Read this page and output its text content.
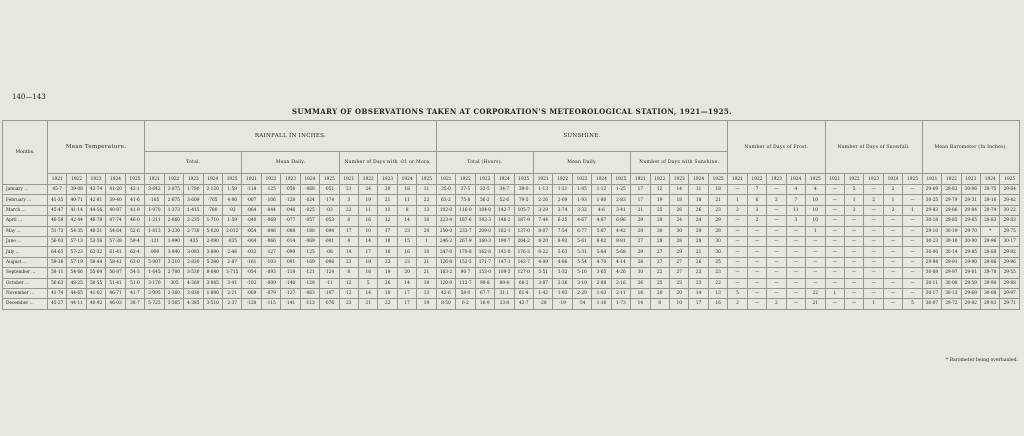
140—143
SUMMARY OF OBSERVATIONS TAKEN AT CORPORATION'S METEOROLOGICAL STATION, 1921—1925.
Months.	Mean Temperature.					RAINFALL IN INCHES.															SUNSHINE.															Number of Days of Frost.					Number of Days of Snowfall.					Mean Barometer (In Inches).				
						Total.					Mean Daily.					Number of Days with ·01 or More.					Total (Hours).					Mean Daily.					Number of Days with Sunshine.																			
	1921	1922	1923	1924	1925	1921	1922	1923	1924	1925	1921	1922	1923	1924	1925	1921	1922	1923	1924	1925	1921	1922	1923	1924	1925	1921	1922	1923	1924	1925	1921	1922	1923	1924	1925	1921	1922	1923	1924	1925	1921	1922	1923	1924	1925	1921	1922	1923	1924	1925
January ...	45·7	39·08	43·74	41·20	43·1	3·642	3·875	1·780	2·120	1·59	·118	·125	·058	·068	·051	21	24	20	18	11	35·0	37·5	32·5	34·7	39·0	1·13	1·21	1·05	1·12	1·25	17	12	14	11	18	—	7	—	4	4	—	5	—	2	—	29·69	29·82	30·06	29·75	29·64
February ...	41·35	40·71	42·81	39·40	41·6	·185	2·675	3·609	·765	4·86	·007	·106	·128	·024	·174	3	19	21	11	22	63·2	75·8	56·2	52·6	79·5	2·26	2·69	1·93	1·80	2·83	17	19	18	18	21	1	6	2	7	10	—	1	2	1	—	30·25	29·79	29·31	29·16	29·42
March ...	45·47	41·14	44·56	40·87	41·9	1·970	1·373	1·415	·780	·92	·064	·044	·046	·025	·03	22	11	13	8	13	102·0	116·0	104·0	142·7	105·7	3·29	3·74	3·32	4·6	3·41	21	25	26	26	23	2	3	—	11	10	—	2	—	2	1	29·83	29·86	29·84	29·74	30·22
April ...	46·59	42·44	46·78	47·74	46·0	1·211	2·060	2·235	1·710	1·59	·040	·069	·077	·057	·053	8	16	12	14	16	223·4	187·6	143·3	146·2	187·9	7·44	6·25	4·67	4·87	6·96	29	28	24	24	29	—	2	—	3	10	—	—	—	—	—	30·18	29·85	29·65	29·83	29·83
May ...	51·73	54·35	48·21	54·64	52·6	1·813	3·230	2·730	5·020	2·012	·054	·046	·088	·188	·094	17	10	17	23	20	250·0	233·7	209·0	162·1	137·0	8·07	7·54	6·77	5·87	4·42	29	30	30	29	28	—	—	—	—	1	—	—	—	—	—	29·10	30·19	29·70	*	29·75
June ...	56·03	57·13	53·56	57·38	59·4	·121	1·990	·435	2·090	·035	·004	·066	·014	·069	·001	4	14	10	15	1	246·2	267·9	160·3	190·7	264·2	8·20	8·93	5·61	6·02	8·81	27	28	28	28	30	—	—	—	—	—	—	—	—	—	—	30·23	30·10	30·00	29·96	30·17
July ...	64·65	57·23	62·32	61·41	62·4	·990	3·940	3·083	3·890	2·48	·032	·127	·099	·125	·08	14	17	16	16	10	247·0	170·8	162·8	141·0	176·3	8·22	5·63	5·31	5·84	5·68	29	27	29	21	30	—	—	—	—	—	—	—	—	—	—	30·00	30·14	29·85	29·88	29·92
August ...	59·36	57·19	59·44	58·41	63·0	5·007	3·210	2·830	5·280	2·87	·161	·103	·091	·169	·096	23	19	23	23	21	126·8	152·5	171·7	147·1	143·7	4·09	4·86	5·54	4·70	4·14	28	27	27	26	25	—	—	—	—	—	—	—	—	—	—	29·94	29·91	29·90	29·86	29·96
September ...	58·11	54·66	55·64	56·87	54·3	1·645	2·780	3·530	8·640	3·715	·054	·093	·118	·121	·124	8	16	19	20	21	163·2	96·7	153·0	109·5	127·0	5·51	3·32	5·16	3·65	4·26	30	22	27	23	23	—	—	—	—	—	—	—	—	—	—	30·08	29·97	29·81	29·78	29·55
October ...	56·63	48·25	50·55	51·41	51·0	3·170	·305	4·360	3·985	3·41	·102	·009	·140	·129	·11	12	5	26	14	18	120·0	112·7	99·8	89·4	68·2	3·87	3·36	3·19	2·88	2·16	26	25	23	23	22	—	—	—	—	—	—	—	—	—	—	30·11	30·08	29·59	29·90	29·88
November ...	41·74	44·65	41·02	46·71	41·7	2·095	2·360	3·830	1·890	2·21	·069	·079	·127	·063	·107	12	14	18	17	13	42·6	58·0	67·7	31·1	61·4	1·42	1·93	2·29	1·03	2·11	16	20	20	14	13	5	—	—	—	22	1	—	—	—	—	30·17	30·13	29·69	30·08	29·97
December ...	45·27	44·11	40·92	46·03	38·7	5·725	3·565	4·385	3·510	2·37	·120	·115	·141	·113	·076	23	21	22	17	19	8·50	6·2	16·9	33·8	43·7	·28	·19	·54	1·16	1·73	14	8	10	17	16	2	—	2	—	21	—	—	1	—	5	30·07	29·72	29·82	29·83	29·71
* Barometer being overhauled.
